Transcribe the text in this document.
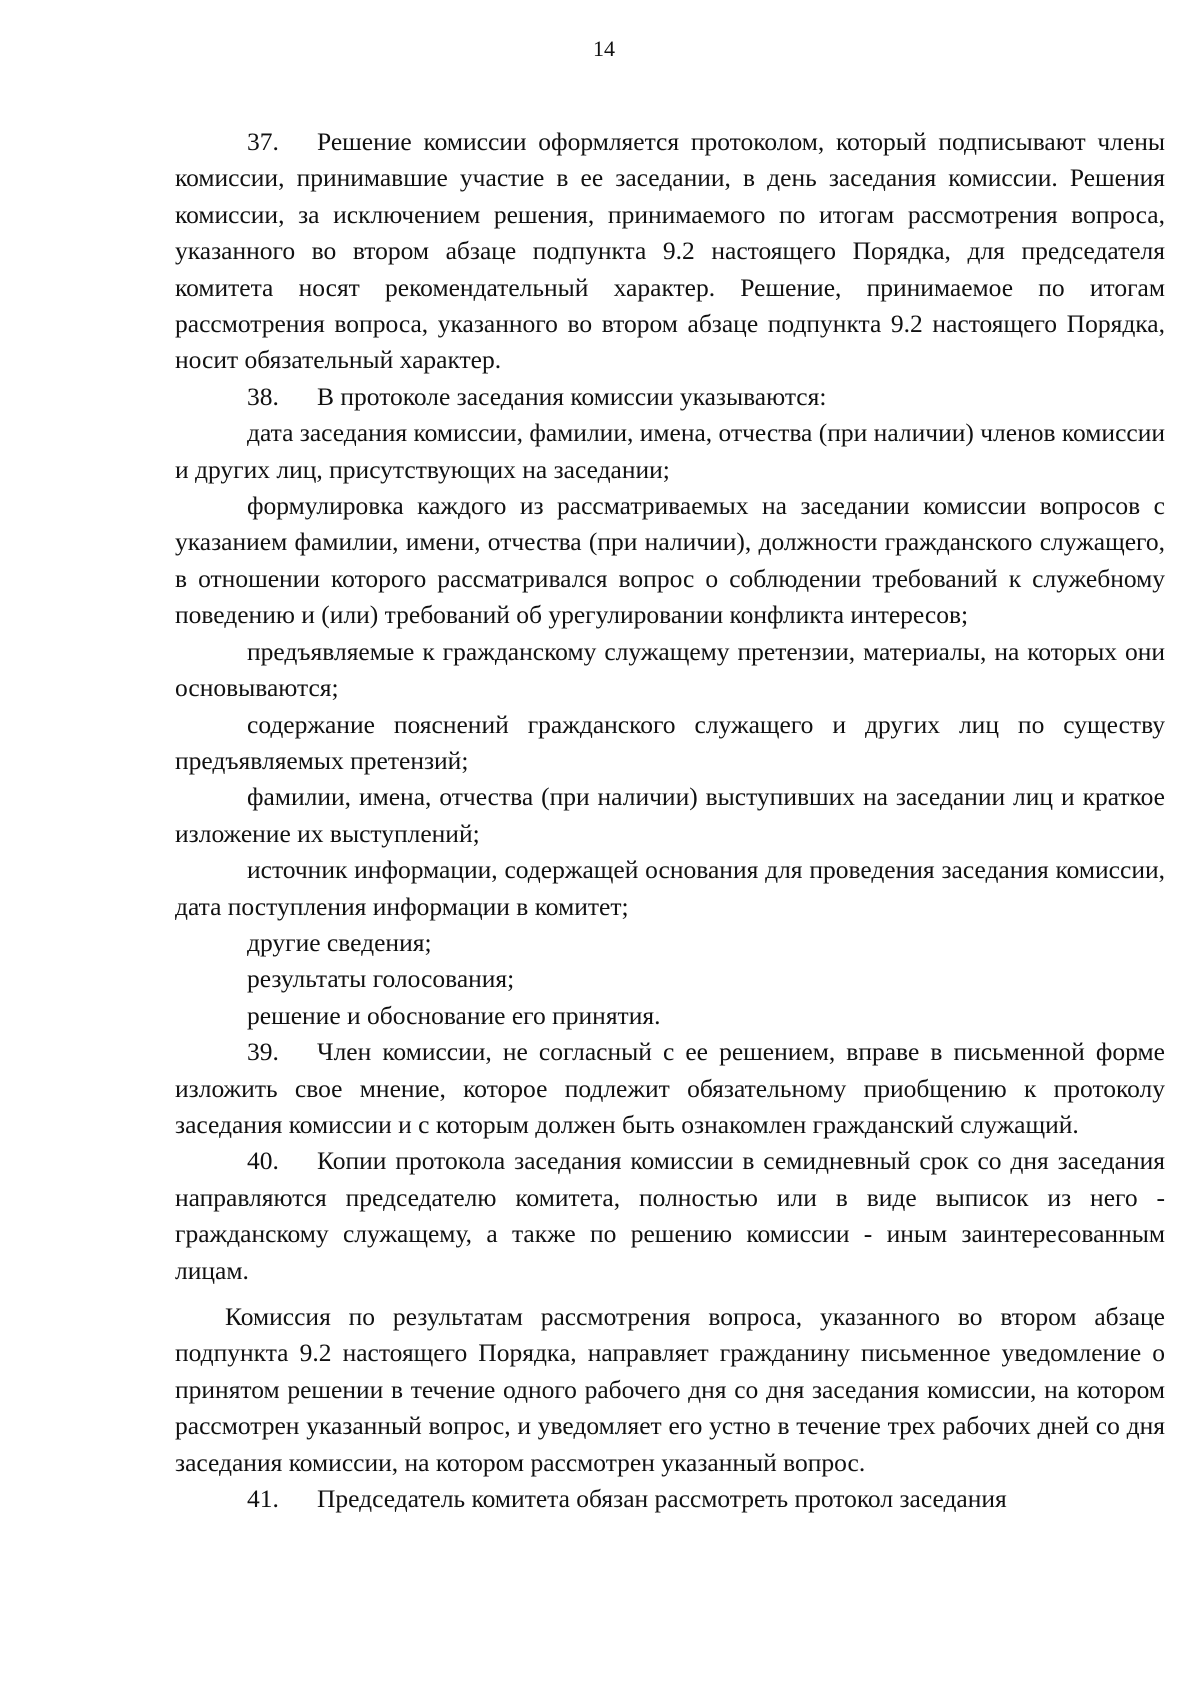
14

37. Решение комиссии оформляется протоколом, который подписывают члены комиссии, принимавшие участие в ее заседании, в день заседания комиссии. Решения комиссии, за исключением решения, принимаемого по итогам рассмотрения вопроса, указанного во втором абзаце подпункта 9.2 настоящего Порядка, для председателя комитета носят рекомендательный характер. Решение, принимаемое по итогам рассмотрения вопроса, указанного во втором абзаце подпункта 9.2 настоящего Порядка, носит обязательный характер.

38. В протоколе заседания комиссии указываются:

дата заседания комиссии, фамилии, имена, отчества (при наличии) членов комиссии и других лиц, присутствующих на заседании;

формулировка каждого из рассматриваемых на заседании комиссии вопросов с указанием фамилии, имени, отчества (при наличии), должности гражданского служащего, в отношении которого рассматривался вопрос о соблюдении требований к служебному поведению и (или) требований об урегулировании конфликта интересов;

предъявляемые к гражданскому служащему претензии, материалы, на которых они основываются;

содержание пояснений гражданского служащего и других лиц по существу предъявляемых претензий;

фамилии, имена, отчества (при наличии) выступивших на заседании лиц и краткое изложение их выступлений;

источник информации, содержащей основания для проведения заседания комиссии, дата поступления информации в комитет;

другие сведения;

результаты голосования;

решение и обоснование его принятия.

39. Член комиссии, не согласный с ее решением, вправе в письменной форме изложить свое мнение, которое подлежит обязательному приобщению к протоколу заседания комиссии и с которым должен быть ознакомлен гражданский служащий.

40. Копии протокола заседания комиссии в семидневный срок со дня заседания направляются председателю комитета, полностью или в виде выписок из него - гражданскому служащему, а также по решению комиссии - иным заинтересованным лицам.

Комиссия по результатам рассмотрения вопроса, указанного во втором абзаце подпункта 9.2 настоящего Порядка, направляет гражданину письменное уведомление о принятом решении в течение одного рабочего дня со дня заседания комиссии, на котором рассмотрен указанный вопрос, и уведомляет его устно в течение трех рабочих дней со дня заседания комиссии, на котором рассмотрен указанный вопрос.

41. Председатель комитета обязан рассмотреть протокол заседания
